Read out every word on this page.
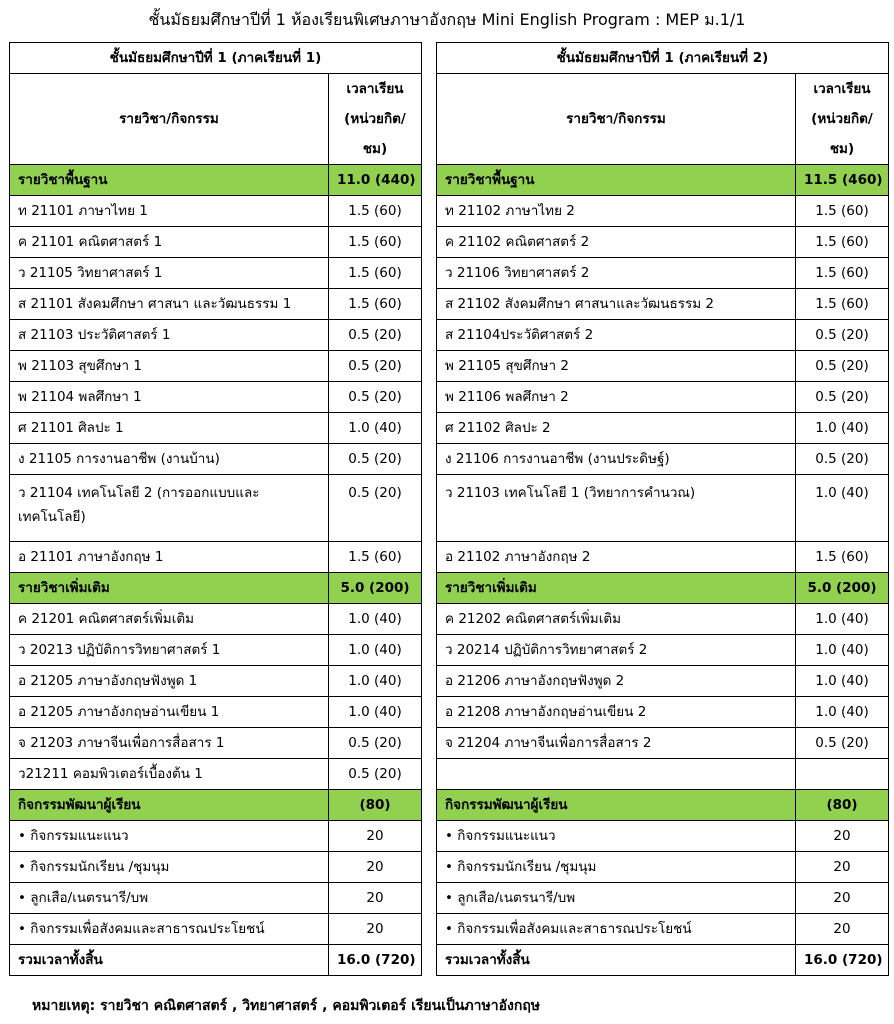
ชั้นมัธยมศึกษาปีที่ 1 ห้องเรียนพิเศษภาษาอังกฤษ Mini English Program : MEP ม.1/1
ชั้นมัธยมศึกษาปีที่ 1 (ภาคเรียนที่ 1)	
รายวิชา/กิจกรรม	เวลาเรียน (หน่วยกิต/ชม)
รายวิชาพื้นฐาน	11.0 (440)
ท 21101 ภาษาไทย 1	1.5 (60)
ค 21101 คณิตศาสตร์ 1	1.5 (60)
ว 21105 วิทยาศาสตร์ 1	1.5 (60)
ส 21101 สังคมศึกษา ศาสนา และวัฒนธรรม 1	1.5 (60)
ส 21103 ประวัติศาสตร์ 1	0.5 (20)
พ 21103 สุขศึกษา 1	0.5 (20)
พ 21104 พลศึกษา 1	0.5 (20)
ศ 21101 ศิลปะ 1	1.0 (40)
ง 21105 การงานอาชีพ (งานบ้าน)	0.5 (20)
ว 21104 เทคโนโลยี 2 (การออกแบบและเทคโนโลยี)	0.5 (20)
อ 21101 ภาษาอังกฤษ 1	1.5 (60)
รายวิชาเพิ่มเติม	5.0 (200)
ค 21201 คณิตศาสตร์เพิ่มเติม	1.0 (40)
ว 20213 ปฏิบัติการวิทยาศาสตร์ 1	1.0 (40)
อ 21205 ภาษาอังกฤษฟังพูด 1	1.0 (40)
อ 21205 ภาษาอังกฤษอ่านเขียน 1	1.0 (40)
จ 21203 ภาษาจีนเพื่อการสื่อสาร 1	0.5 (20)
ว21211 คอมพิวเตอร์เบื้องต้น 1	0.5 (20)
กิจกรรมพัฒนาผู้เรียน	(80)
• กิจกรรมแนะแนว	20
• กิจกรรมนักเรียน /ชุมนุม	20
• ลูกเสือ/เนตรนารี/บพ	20
• กิจกรรมเพื่อสังคมและสาธารณประโยชน์	20
รวมเวลาทั้งสิ้น	16.0 (720)
ชั้นมัธยมศึกษาปีที่ 1 (ภาคเรียนที่ 2)	
รายวิชา/กิจกรรม	เวลาเรียน (หน่วยกิต/ชม)
รายวิชาพื้นฐาน	11.5 (460)
ท 21102 ภาษาไทย 2	1.5 (60)
ค 21102 คณิตศาสตร์ 2	1.5 (60)
ว 21106 วิทยาศาสตร์ 2	1.5 (60)
ส 21102 สังคมศึกษา ศาสนาและวัฒนธรรม 2	1.5 (60)
ส 21104ประวัติศาสตร์ 2	0.5 (20)
พ 21105 สุขศึกษา 2	0.5 (20)
พ 21106 พลศึกษา 2	0.5 (20)
ศ 21102 ศิลปะ 2	1.0 (40)
ง 21106 การงานอาชีพ (งานประดิษฐ์)	0.5 (20)
ว 21103 เทคโนโลยี 1 (วิทยาการคำนวณ)	1.0 (40)
อ 21102 ภาษาอังกฤษ 2	1.5 (60)
รายวิชาเพิ่มเติม	5.0 (200)
ค 21202 คณิตศาสตร์เพิ่มเติม	1.0 (40)
ว 20214 ปฏิบัติการวิทยาศาสตร์ 2	1.0 (40)
อ 21206 ภาษาอังกฤษฟังพูด 2	1.0 (40)
อ 21208 ภาษาอังกฤษอ่านเขียน 2	1.0 (40)
จ 21204 ภาษาจีนเพื่อการสื่อสาร 2	0.5 (20)

กิจกรรมพัฒนาผู้เรียน	(80)
• กิจกรรมแนะแนว	20
• กิจกรรมนักเรียน /ชุมนุม	20
• ลูกเสือ/เนตรนารี/บพ	20
• กิจกรรมเพื่อสังคมและสาธารณประโยชน์	20
รวมเวลาทั้งสิ้น	16.0 (720)
หมายเหตุ: รายวิชา คณิตศาสตร์ , วิทยาศาสตร์ , คอมพิวเตอร์ เรียนเป็นภาษาอังกฤษ
